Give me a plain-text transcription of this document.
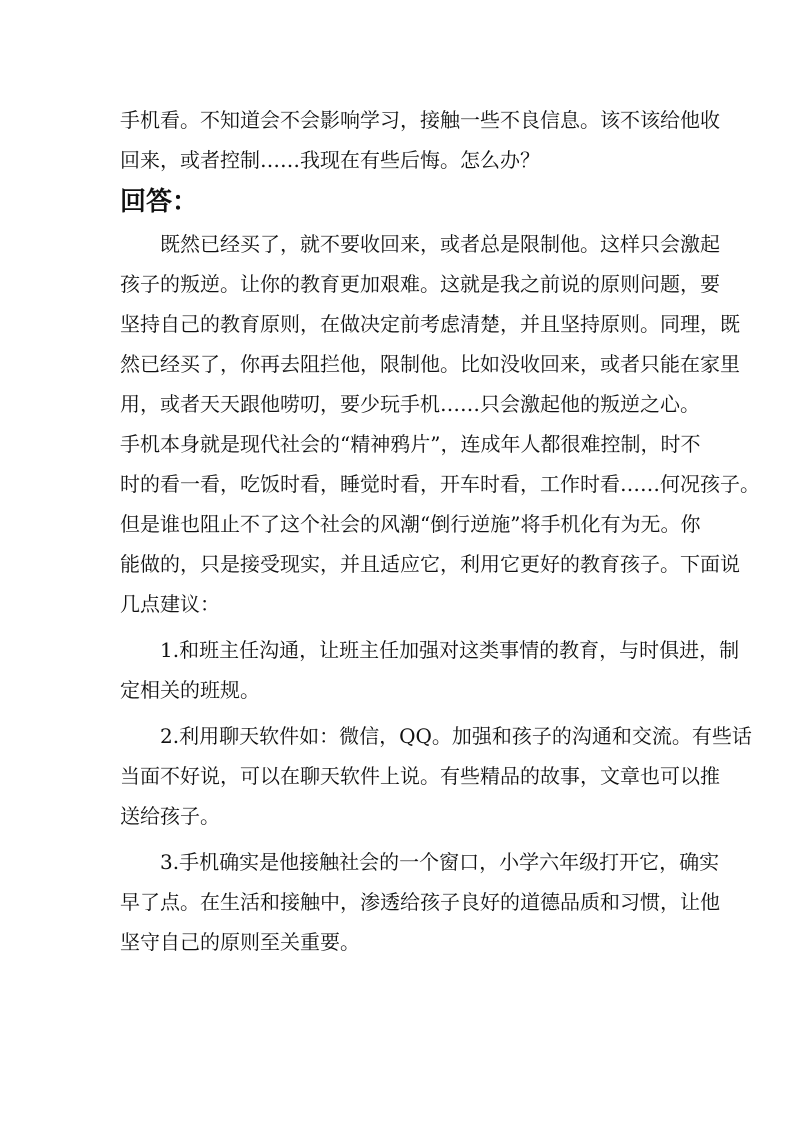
手机看。不知道会不会影响学习，接触一些不良信息。该不该给他收
回来，或者控制……我现在有些后悔。怎么办？
回答：
既然已经买了，就不要收回来，或者总是限制他。这样只会激起
孩子的叛逆。让你的教育更加艰难。这就是我之前说的原则问题，要
坚持自己的教育原则，在做决定前考虑清楚，并且坚持原则。同理，既
然已经买了，你再去阻拦他，限制他。比如没收回来，或者只能在家里
用，或者天天跟他唠叨，要少玩手机……只会激起他的叛逆之心。
手机本身就是现代社会的“精神鸦片”，连成年人都很难控制，时不
时的看一看，吃饭时看，睡觉时看，开车时看，工作时看……何况孩子。
但是谁也阻止不了这个社会的风潮“倒行逆施”将手机化有为无。你
能做的，只是接受现实，并且适应它，利用它更好的教育孩子。下面说
几点建议：
1.和班主任沟通，让班主任加强对这类事情的教育，与时俱进，制
定相关的班规。
2.利用聊天软件如：微信，QQ。加强和孩子的沟通和交流。有些话
当面不好说，可以在聊天软件上说。有些精品的故事，文章也可以推
送给孩子。
3.手机确实是他接触社会的一个窗口，小学六年级打开它，确实
早了点。在生活和接触中，渗透给孩子良好的道德品质和习惯，让他
坚守自己的原则至关重要。
